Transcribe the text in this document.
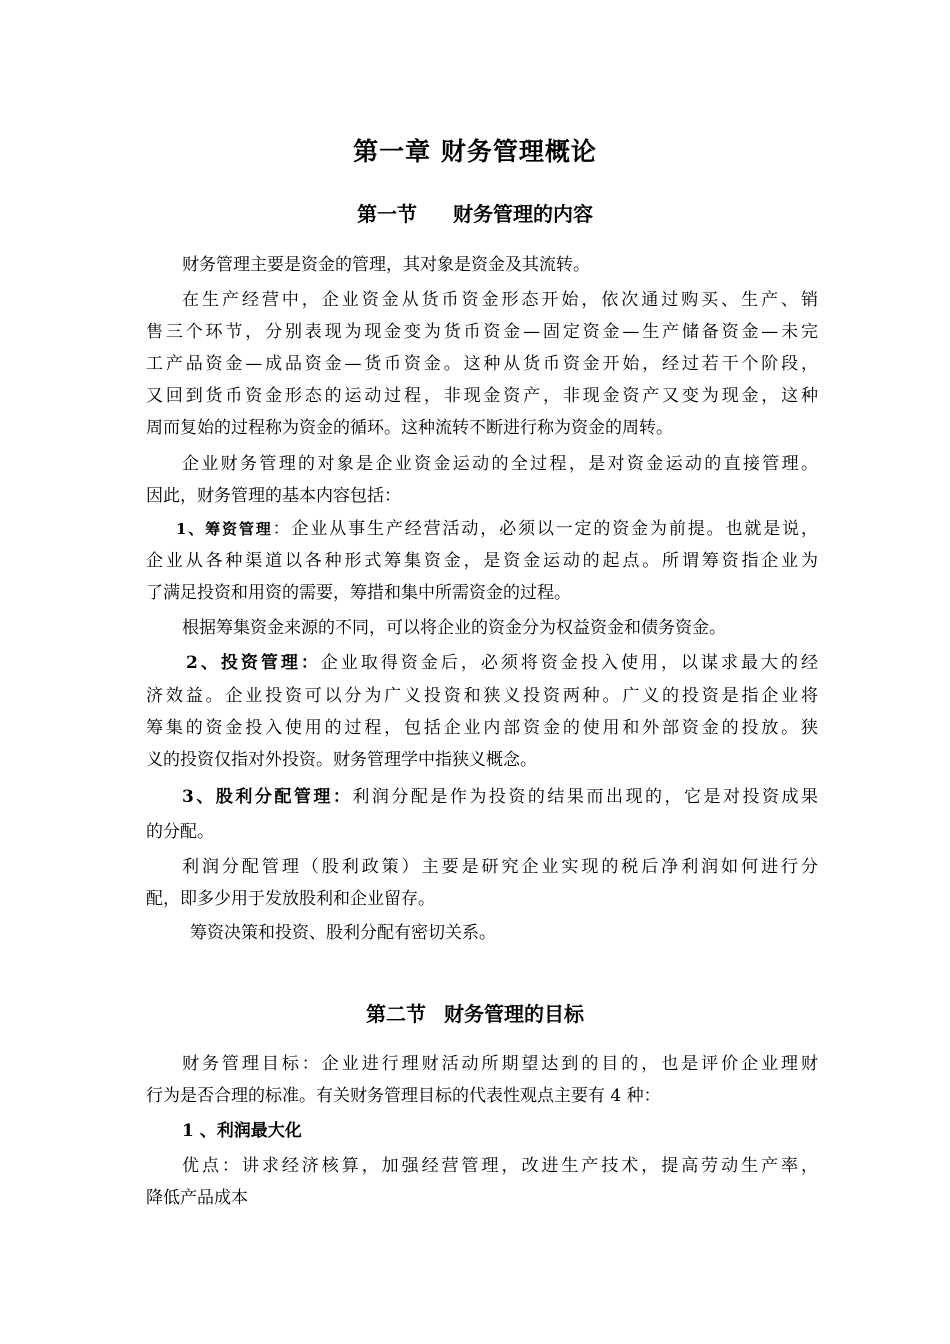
第一章 财务管理概论
第一节 财务管理的内容
财务管理主要是资金的管理，其对象是资金及其流转。
在生产经营中，企业资金从货币资金形态开始，依次通过购买、生产、销
售三个环节，分别表现为现金变为货币资金—固定资金—生产储备资金—未完
工产品资金—成品资金—货币资金。这种从货币资金开始，经过若干个阶段，
又回到货币资金形态的运动过程，非现金资产，非现金资产又变为现金，这种
周而复始的过程称为资金的循环。这种流转不断进行称为资金的周转。
企业财务管理的对象是企业资金运动的全过程，是对资金运动的直接管理。
因此，财务管理的基本内容包括：
1、筹资管理：企业从事生产经营活动，必须以一定的资金为前提。也就是说，
企业从各种渠道以各种形式筹集资金，是资金运动的起点。所谓筹资指企业为
了满足投资和用资的需要，筹措和集中所需资金的过程。
根据筹集资金来源的不同，可以将企业的资金分为权益资金和债务资金。
2、投资管理：企业取得资金后，必须将资金投入使用，以谋求最大的经
济效益。企业投资可以分为广义投资和狭义投资两种。广义的投资是指企业将
筹集的资金投入使用的过程，包括企业内部资金的使用和外部资金的投放。狭
义的投资仅指对外投资。财务管理学中指狭义概念。
3、股利分配管理：利润分配是作为投资的结果而出现的，它是对投资成果
的分配。
利润分配管理（股利政策）主要是研究企业实现的税后净利润如何进行分
配，即多少用于发放股利和企业留存。
筹资决策和投资、股利分配有密切关系。
第二节 财务管理的目标
财务管理目标：企业进行理财活动所期望达到的目的，也是评价企业理财
行为是否合理的标准。有关财务管理目标的代表性观点主要有 4 种：
1 、利润最大化
优点：讲求经济核算，加强经营管理，改进生产技术，提高劳动生产率，
降低产品成本
